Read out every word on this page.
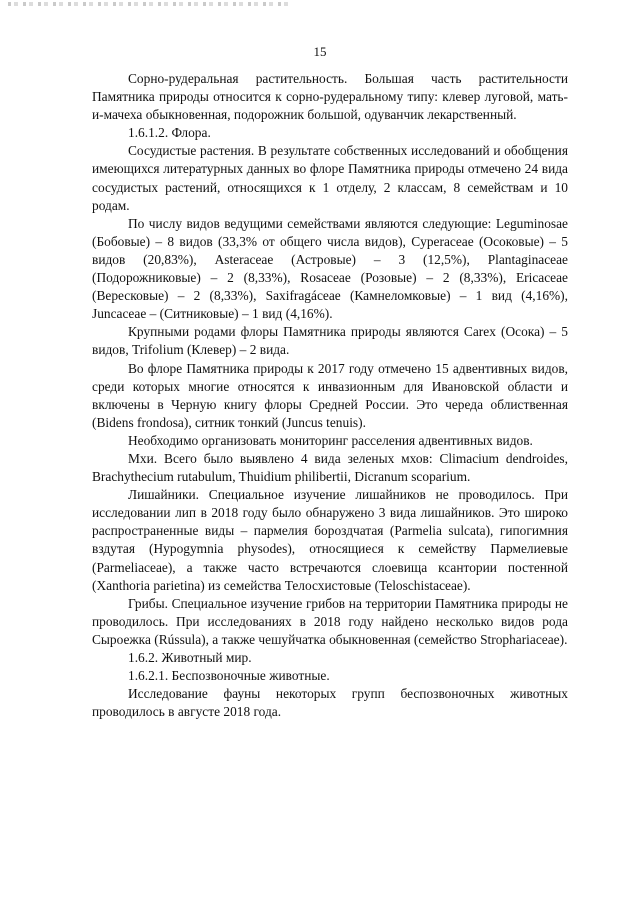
15

Сорно-рудеральная растительность. Большая часть растительности Памятника природы относится к сорно-рудеральному типу: клевер луговой, мать-и-мачеха обыкновенная, подорожник большой, одуванчик лекарственный.

1.6.1.2. Флора.

Сосудистые растения. В результате собственных исследований и обобщения имеющихся литературных данных во флоре Памятника природы отмечено 24 вида сосудистых растений, относящихся к 1 отделу, 2 классам, 8 семействам и 10 родам.

По числу видов ведущими семействами являются следующие: Leguminosae (Бобовые) – 8 видов (33,3% от общего числа видов), Cyperaceae (Осоковые) – 5 видов (20,83%), Asteraceae (Астровые) – 3 (12,5%), Plantaginaceae (Подорожниковые) – 2 (8,33%), Rosaceae (Розовые) – 2 (8,33%), Ericaceae (Вересковые) – 2 (8,33%), Saxifragáceae (Камнеломковые) – 1 вид (4,16%), Juncaceae – (Ситниковые) – 1 вид (4,16%).

Крупными родами флоры Памятника природы являются Carex (Осока) – 5 видов, Trifolium (Клевер) – 2 вида.

Во флоре Памятника природы к 2017 году отмечено 15 адвентивных видов, среди которых многие относятся к инвазионным для Ивановской области и включены в Черную книгу флоры Средней России. Это череда облиственная (Bidens frondosa), ситник тонкий (Juncus tenuis).

Необходимо организовать мониторинг расселения адвентивных видов.

Мхи. Всего было выявлено 4 вида зеленых мхов: Climacium dendroides, Brachythecium rutabulum, Thuidium philibertii, Dicranum scoparium.

Лишайники. Специальное изучение лишайников не проводилось. При исследовании лип в 2018 году было обнаружено 3 вида лишайников. Это широко распространенные виды – пармелия бороздчатая (Parmelia sulcata), гипогимния вздутая (Hypogymnia physodes), относящиеся к семейству Пармелиевые (Parmeliaceae), а также часто встречаются слоевища ксантории постенной (Xanthoria parietina) из семейства Телосхистовые (Teloschistaceae).

Грибы. Специальное изучение грибов на территории Памятника природы не проводилось. При исследованиях в 2018 году найдено несколько видов рода Сыроежка (Rússula), а также чешуйчатка обыкновенная (семейство Strophariaceae).

1.6.2. Животный мир.

1.6.2.1. Беспозвоночные животные.

Исследование фауны некоторых групп беспозвоночных животных проводилось в августе 2018 года.
